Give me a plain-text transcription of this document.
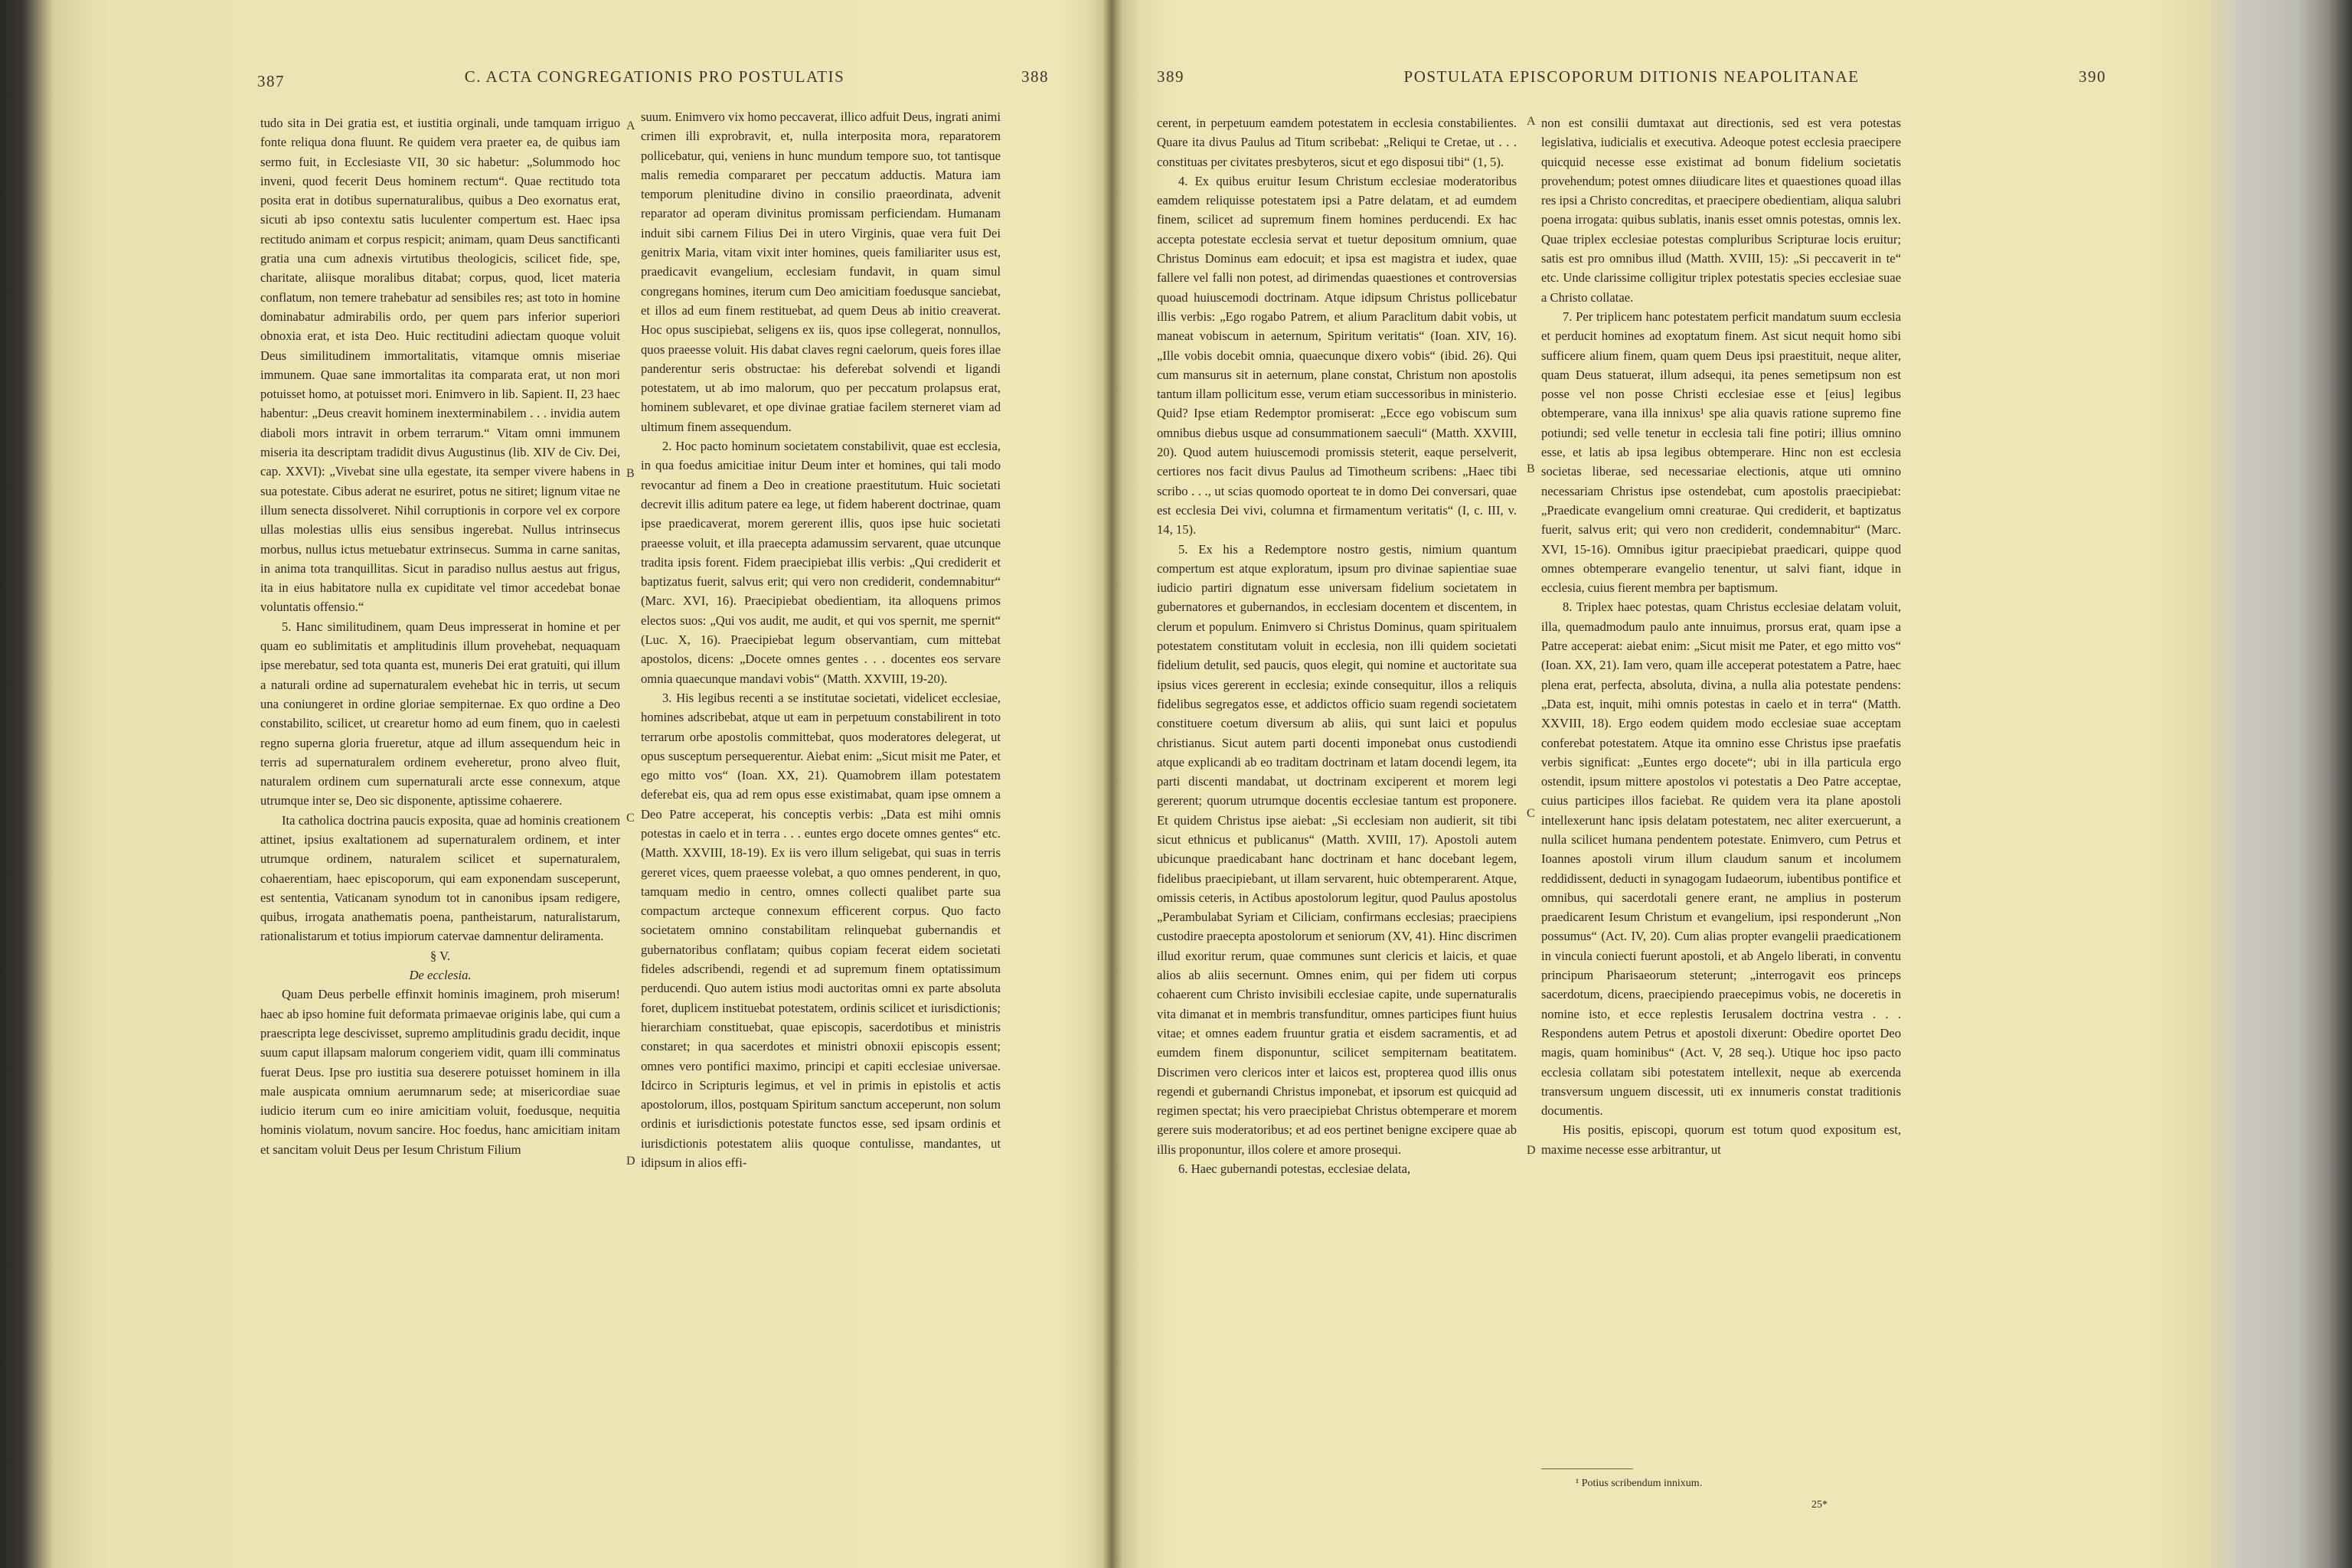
387	C. ACTA CONGREGATIONIS PRO POSTULATIS	388

tudo sita in Dei gratia est, et iustitia orginali, unde tamquam irriguo fonte reliqua dona fluunt. Re quidem vera praeter ea, de quibus iam sermo fuit, in Ecclesiaste VII, 30 sic habetur: „Solummodo hoc inveni, quod fecerit Deus hominem rectum“. Quae rectitudo tota posita erat in dotibus supernaturalibus, quibus a Deo exornatus erat, sicuti ab ipso contextu satis luculenter compertum est. Haec ipsa rectitudo animam et corpus respicit; animam, quam Deus sanctificanti gratia una cum adnexis virtutibus theologicis, scilicet fide, spe, charitate, aliisque moralibus ditabat; corpus, quod, licet materia conflatum, non temere trahebatur ad sensibiles res; ast toto in homine dominabatur admirabilis ordo, per quem pars inferior superiori obnoxia erat, et ista Deo. Huic rectitudini adiectam quoque voluit Deus similitudinem immortalitatis, vitamque omnis miseriae immunem. Quae sane immortalitas ita comparata erat, ut non mori potuisset homo, at potuisset mori. Enimvero in lib. Sapient. II, 23 haec habentur: „Deus creavit hominem inexterminabilem . . . invidia autem diaboli mors intravit in orbem terrarum.“ Vitam omni immunem miseria ita descriptam tradidit divus Augustinus (lib. XIV de Civ. Dei, cap. XXVI): „Vivebat sine ulla egestate, ita semper vivere habens in sua potestate. Cibus aderat ne esuriret, potus ne sitiret; lignum vitae ne illum senecta dissolveret. Nihil corruptionis in corpore vel ex corpore ullas molestias ullis eius sensibus ingerebat. Nullus intrinsecus morbus, nullus ictus metuebatur extrinsecus. Summa in carne sanitas, in anima tota tranquillitas. Sicut in paradiso nullus aestus aut frigus, ita in eius habitatore nulla ex cupiditate vel timor accedebat bonae voluntatis offensio.“

5. Hanc similitudinem, quam Deus impresserat in homine et per quam eo sublimitatis et amplitudinis illum provehebat, nequaquam ipse merebatur, sed tota quanta est, muneris Dei erat gratuiti, qui illum a naturali ordine ad supernaturalem evehebat hic in terris, ut secum una coniungeret in ordine gloriae sempiternae. Ex quo ordine a Deo constabilito, scilicet, ut crearetur homo ad eum finem, quo in caelesti regno superna gloria frueretur, atque ad illum assequendum heic in terris ad supernaturalem ordinem eveheretur, prono alveo fluit, naturalem ordinem cum supernaturali arcte esse connexum, atque utrumque inter se, Deo sic disponente, aptissime cohaerere.

Ita catholica doctrina paucis exposita, quae ad hominis creationem attinet, ipsius exaltationem ad supernaturalem ordinem, et inter utrumque ordinem, naturalem scilicet et supernaturalem, cohaerentiam, haec episcoporum, qui eam exponendam susceperunt, est sententia, Vaticanam synodum tot in canonibus ipsam redigere, quibus, irrogata anathematis poena, pantheistarum, naturalistarum, rationalistarum et totius impiorum catervae damnentur deliramenta.

§ V.

De ecclesia.

Quam Deus perbelle effinxit hominis imaginem, proh miserum! haec ab ipso homine fuit deformata primaevae originis labe, qui cum a praescripta lege descivisset, supremo amplitudinis gradu decidit, inque suum caput illapsam malorum congeriem vidit, quam illi comminatus fuerat Deus. Ipse pro iustitia sua deserere potuisset hominem in illa male auspicata omnium aerumnarum sede; at misericordiae suae iudicio iterum cum eo inire amicitiam voluit, foedusque, nequitia hominis violatum, novum sancire. Hoc foedus, hanc amicitiam initam et sancitam voluit Deus per Iesum Christum Filium

A
B
C
D

suum. Enimvero vix homo peccaverat, illico adfuit Deus, ingrati animi crimen illi exprobravit, et, nulla interposita mora, reparatorem pollicebatur, qui, veniens in hunc mundum tempore suo, tot tantisque malis remedia compararet per peccatum adductis. Matura iam temporum plenitudine divino in consilio praeordinata, advenit reparator ad operam divinitus promissam perficiendam. Humanam induit sibi carnem Filius Dei in utero Virginis, quae vera fuit Dei genitrix Maria, vitam vixit inter homines, queis familiariter usus est, praedicavit evangelium, ecclesiam fundavit, in quam simul congregans homines, iterum cum Deo amicitiam foedusque sanciebat, et illos ad eum finem restituebat, ad quem Deus ab initio creaverat. Hoc opus suscipiebat, seligens ex iis, quos ipse collegerat, nonnullos, quos praeesse voluit. His dabat claves regni caelorum, queis fores illae panderentur seris obstructae: his deferebat solvendi et ligandi potestatem, ut ab imo malorum, quo per peccatum prolapsus erat, hominem sublevaret, et ope divinae gratiae facilem sterneret viam ad ultimum finem assequendum.

2. Hoc pacto hominum societatem constabilivit, quae est ecclesia, in qua foedus amicitiae initur Deum inter et homines, qui tali modo revocantur ad finem a Deo in creatione praestitutum. Huic societati decrevit illis aditum patere ea lege, ut fidem haberent doctrinae, quam ipse praedicaverat, morem gererent illis, quos ipse huic societati praeesse voluit, et illa praecepta adamussim servarent, quae utcunque tradita ipsis forent. Fidem praecipiebat illis verbis: „Qui crediderit et baptizatus fuerit, salvus erit; qui vero non crediderit, condemnabitur“ (Marc. XVI, 16). Praecipiebat obedientiam, ita alloquens primos electos suos: „Qui vos audit, me audit, et qui vos spernit, me spernit“ (Luc. X, 16). Praecipiebat legum observantiam, cum mittebat apostolos, dicens: „Docete omnes gentes . . . docentes eos servare omnia quaecunque mandavi vobis“ (Matth. XXVIII, 19-20).

3. His legibus recenti a se institutae societati, videlicet ecclesiae, homines adscribebat, atque ut eam in perpetuum constabilirent in toto terrarum orbe apostolis committebat, quos moderatores delegerat, ut opus susceptum persequerentur. Aiebat enim: „Sicut misit me Pater, et ego mitto vos“ (Ioan. XX, 21). Quamobrem illam potestatem deferebat eis, qua ad rem opus esse existimabat, quam ipse omnem a Deo Patre acceperat, his conceptis verbis: „Data est mihi omnis potestas in caelo et in terra . . . euntes ergo docete omnes gentes“ etc. (Matth. XXVIII, 18-19). Ex iis vero illum seligebat, qui suas in terris gereret vices, quem praeesse volebat, a quo omnes penderent, in quo, tamquam medio in centro, omnes collecti qualibet parte sua compactum arcteque connexum efficerent corpus. Quo facto societatem omnino constabilitam relinquebat gubernandis et gubernatoribus conflatam; quibus copiam fecerat eidem societati fideles adscribendi, regendi et ad supremum finem optatissimum perducendi. Quo autem istius modi auctoritas omni ex parte absoluta foret, duplicem instituebat potestatem, ordinis scilicet et iurisdictionis; hierarchiam constituebat, quae episcopis, sacerdotibus et ministris constaret; in qua sacerdotes et ministri obnoxii episcopis essent; omnes vero pontifici maximo, principi et capiti ecclesiae universae. Idcirco in Scripturis legimus, et vel in primis in epistolis et actis apostolorum, illos, postquam Spiritum sanctum acceperunt, non solum ordinis et iurisdictionis potestate functos esse, sed ipsam ordinis et iurisdictionis potestatem aliis quoque contulisse, mandantes, ut idipsum in alios effi-

389	POSTULATA EPISCOPORUM DITIONIS NEAPOLITANAE	390

cerent, in perpetuum eamdem potestatem in ecclesia constabilientes. Quare ita divus Paulus ad Titum scribebat: „Reliqui te Cretae, ut . . . constituas per civitates presbyteros, sicut et ego disposui tibi“ (1, 5).

4. Ex quibus eruitur Iesum Christum ecclesiae moderatoribus eamdem reliquisse potestatem ipsi a Patre delatam, et ad eumdem finem, scilicet ad supremum finem homines perducendi. Ex hac accepta potestate ecclesia servat et tuetur depositum omnium, quae Christus Dominus eam edocuit; et ipsa est magistra et iudex, quae fallere vel falli non potest, ad dirimendas quaestiones et controversias quoad huiuscemodi doctrinam. Atque idipsum Christus pollicebatur illis verbis: „Ego rogabo Patrem, et alium Paraclitum dabit vobis, ut maneat vobiscum in aeternum, Spiritum veritatis“ (Ioan. XIV, 16). „Ille vobis docebit omnia, quaecunque dixero vobis“ (ibid. 26). Qui cum mansurus sit in aeternum, plane constat, Christum non apostolis tantum illam pollicitum esse, verum etiam successoribus in ministerio. Quid? Ipse etiam Redemptor promiserat: „Ecce ego vobiscum sum omnibus diebus usque ad consummationem saeculi“ (Matth. XXVIII, 20). Quod autem huiuscemodi promissis steterit, eaque perselverit, certiores nos facit divus Paulus ad Timotheum scribens: „Haec tibi scribo . . ., ut scias quomodo oporteat te in domo Dei conversari, quae est ecclesia Dei vivi, columna et firmamentum veritatis“ (I, c. III, v. 14, 15).

5. Ex his a Redemptore nostro gestis, nimium quantum compertum est atque exploratum, ipsum pro divinae sapientiae suae iudicio partiri dignatum esse universam fidelium societatem in gubernatores et gubernandos, in ecclesiam docentem et discentem, in clerum et populum. Enimvero si Christus Dominus, quam spiritualem potestatem constitutam voluit in ecclesia, non illi quidem societati fidelium detulit, sed paucis, quos elegit, qui nomine et auctoritate sua ipsius vices gererent in ecclesia; exinde consequitur, illos a reliquis fidelibus segregatos esse, et addictos officio suam regendi societatem constituere coetum diversum ab aliis, qui sunt laici et populus christianus. Sicut autem parti docenti imponebat onus custodiendi atque explicandi ab eo traditam doctrinam et latam docendi legem, ita parti discenti mandabat, ut doctrinam exciperent et morem legi gererent; quorum utrumque docentis ecclesiae tantum est proponere. Et quidem Christus ipse aiebat: „Si ecclesiam non audierit, sit tibi sicut ethnicus et publicanus“ (Matth. XVIII, 17). Apostoli autem ubicunque praedicabant hanc doctrinam et hanc docebant legem, fidelibus praecipiebant, ut illam servarent, huic obtemperarent. Atque, omissis ceteris, in Actibus apostolorum legitur, quod Paulus apostolus „Perambulabat Syriam et Ciliciam, confirmans ecclesias; praecipiens custodire praecepta apostolorum et seniorum (XV, 41). Hinc discrimen illud exoritur rerum, quae communes sunt clericis et laicis, et quae alios ab aliis secernunt. Omnes enim, qui per fidem uti corpus cohaerent cum Christo invisibili ecclesiae capite, unde supernaturalis vita dimanat et in membris transfunditur, omnes participes fiunt huius vitae; et omnes eadem fruuntur gratia et eisdem sacramentis, et ad eumdem finem disponuntur, scilicet sempiternam beatitatem. Discrimen vero clericos inter et laicos est, propterea quod illis onus regendi et gubernandi Christus imponebat, et ipsorum est quicquid ad regimen spectat; his vero praecipiebat Christus obtemperare et morem gerere suis moderatoribus; et ad eos pertinet benigne excipere quae ab illis proponuntur, illos colere et amore prosequi.

6. Haec gubernandi potestas, ecclesiae delata,

A
B
C
D

non est consilii dumtaxat aut directionis, sed est vera potestas legislativa, iudicialis et executiva. Adeoque potest ecclesia praecipere quicquid necesse esse existimat ad bonum fidelium societatis provehendum; potest omnes diiudicare lites et quaestiones quoad illas res ipsi a Christo concreditas, et praecipere obedientiam, aliqua salubri poena irrogata: quibus sublatis, inanis esset omnis potestas, omnis lex. Quae triplex ecclesiae potestas compluribus Scripturae locis eruitur; satis est pro omnibus illud (Matth. XVIII, 15): „Si peccaverit in te“ etc. Unde clarissime colligitur triplex potestatis species ecclesiae suae a Christo collatae.

7. Per triplicem hanc potestatem perficit mandatum suum ecclesia et perducit homines ad exoptatum finem. Ast sicut nequit homo sibi sufficere alium finem, quam quem Deus ipsi praestituit, neque aliter, quam Deus statuerat, illum adsequi, ita penes semetipsum non est posse vel non posse Christi ecclesiae esse et [eius] legibus obtemperare, vana illa innixus¹ spe alia quavis ratione supremo fine potiundi; sed velle tenetur in ecclesia tali fine potiri; illius omnino esse, et latis ab ipsa legibus obtemperare. Hinc non est ecclesia societas liberae, sed necessariae electionis, atque uti omnino necessariam Christus ipse ostendebat, cum apostolis praecipiebat: „Praedicate evangelium omni creaturae. Qui crediderit, et baptizatus fuerit, salvus erit; qui vero non crediderit, condemnabitur“ (Marc. XVI, 15-16). Omnibus igitur praecipiebat praedicari, quippe quod omnes obtemperare evangelio tenentur, ut salvi fiant, idque in ecclesia, cuius fierent membra per baptismum.

8. Triplex haec potestas, quam Christus ecclesiae delatam voluit, illa, quemadmodum paulo ante innuimus, prorsus erat, quam ipse a Patre acceperat: aiebat enim: „Sicut misit me Pater, et ego mitto vos“ (Ioan. XX, 21). Iam vero, quam ille acceperat potestatem a Patre, haec plena erat, perfecta, absoluta, divina, a nulla alia potestate pendens: „Data est, inquit, mihi omnis potestas in caelo et in terra“ (Matth. XXVIII, 18). Ergo eodem quidem modo ecclesiae suae acceptam conferebat potestatem. Atque ita omnino esse Christus ipse praefatis verbis significat: „Euntes ergo docete“; ubi in illa particula ergo ostendit, ipsum mittere apostolos vi potestatis a Deo Patre acceptae, cuius participes illos faciebat. Re quidem vera ita plane apostoli intellexerunt hanc ipsis delatam potestatem, nec aliter exercuerunt, a nulla scilicet humana pendentem potestate. Enimvero, cum Petrus et Ioannes apostoli virum illum claudum sanum et incolumem reddidissent, deducti in synagogam Iudaeorum, iubentibus pontifice et omnibus, qui sacerdotali genere erant, ne amplius in posterum praedicarent Iesum Christum et evangelium, ipsi responderunt „Non possumus“ (Act. IV, 20). Cum alias propter evangelii praedicationem in vincula coniecti fuerunt apostoli, et ab Angelo liberati, in conventu principum Pharisaeorum steterunt; „interrogavit eos princeps sacerdotum, dicens, praecipiendo praecepimus vobis, ne doceretis in nomine isto, et ecce replestis Ierusalem doctrina vestra . . . Respondens autem Petrus et apostoli dixerunt: Obedire oportet Deo magis, quam hominibus“ (Act. V, 28 seq.). Utique hoc ipso pacto ecclesia collatam sibi potestatem intellexit, neque ab exercenda transversum unguem discessit, uti ex innumeris constat traditionis documentis.

His positis, episcopi, quorum est totum quod expositum est, maxime necesse esse arbitrantur, ut

¹ Potius scribendum innixum.
25*
